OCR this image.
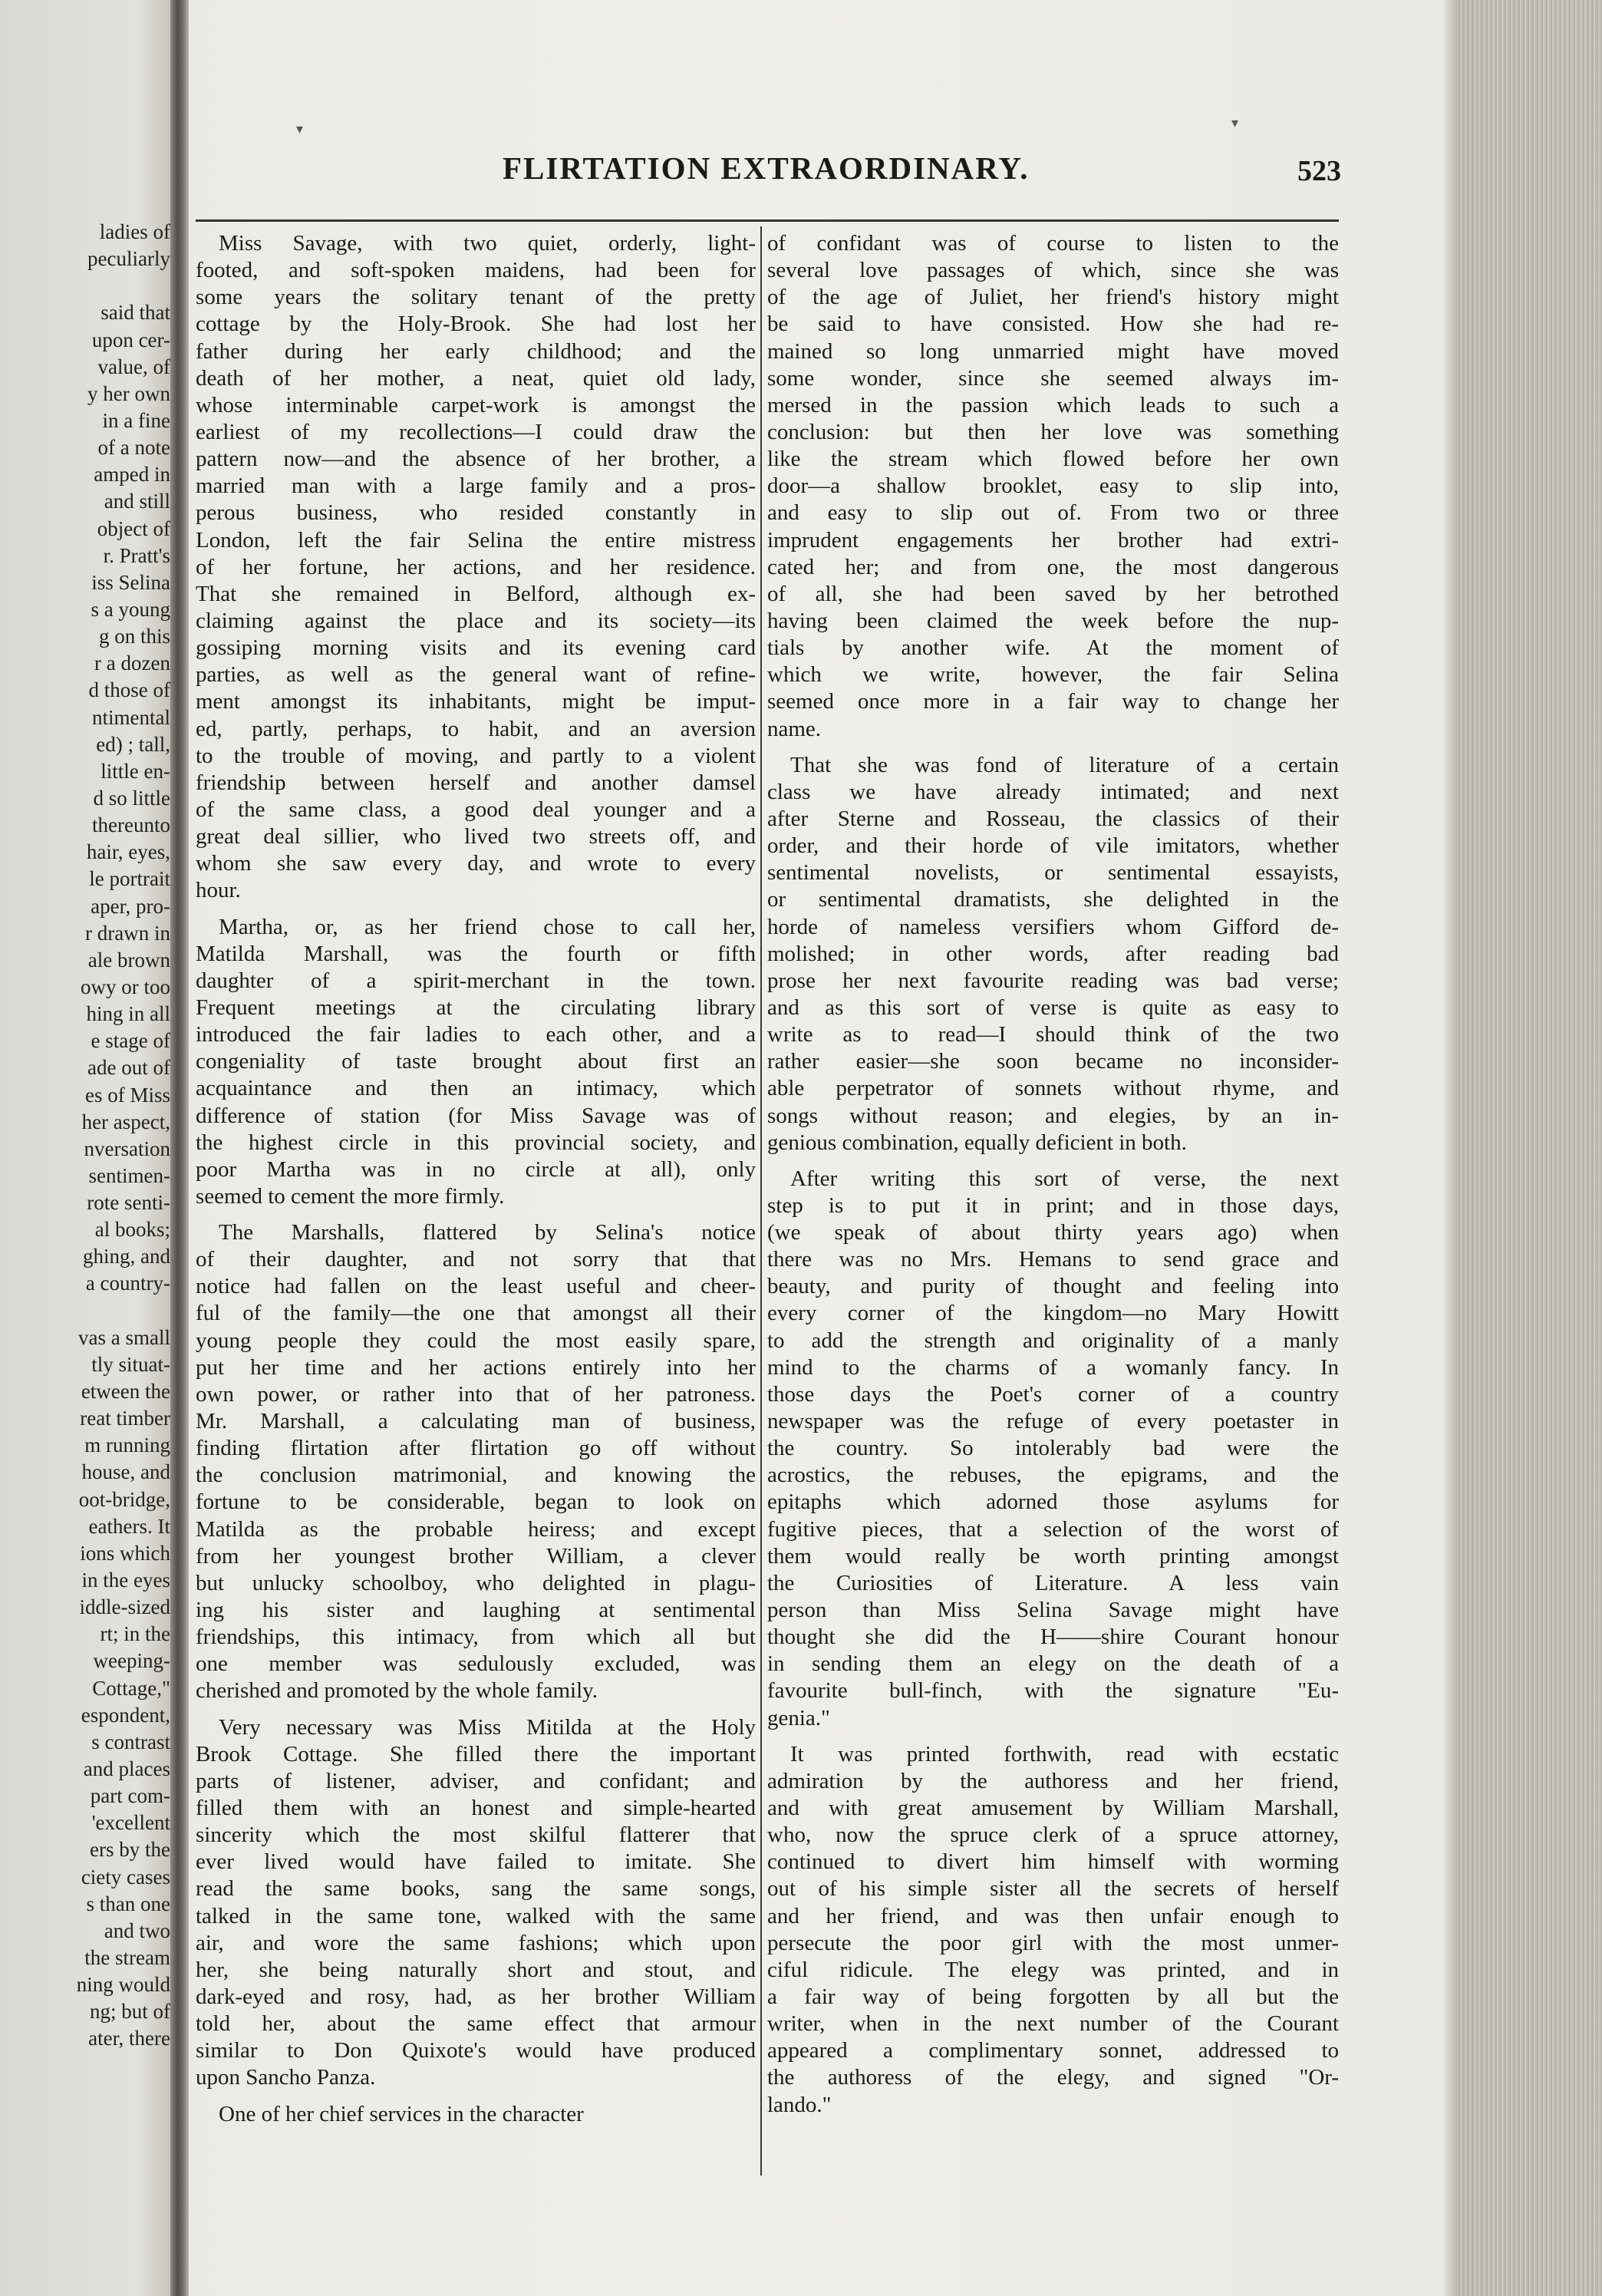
ladies of
peculiarly
said that
upon cer-
value, of
y her own
in a fine
of a note
amped in
and still
object of
r. Pratt's
iss Selina
s a young
g on this
r a dozen
d those of
ntimental
ed) ; tall,
little en-
d so little
thereunto
hair, eyes,
le portrait
aper, pro-
r drawn in
ale brown
owy or too
hing in all
e stage of
ade out of
es of Miss
her aspect,
nversation
sentimen-
rote senti-
al books;
ghing, and
a country-
vas a small
tly situat-
etween the
reat timber
m running
house, and
oot-bridge,
eathers. It
ions which
in the eyes
iddle-sized
rt; in the
weeping-
Cottage,"
espondent,
s contrast
and places
part com-
'excellent
ers by the
ciety cases
s than one
and two
the stream
ning would
ng; but of
ater, there
FLIRTATION EXTRAORDINARY.	523

Miss Savage, with two quiet, orderly, light-
footed, and soft-spoken maidens, had been for
some years the solitary tenant of the pretty
cottage by the Holy-Brook. She had lost her
father during her early childhood; and the
death of her mother, a neat, quiet old lady,
whose interminable carpet-work is amongst the
earliest of my recollections—I could draw the
pattern now—and the absence of her brother, a
married man with a large family and a pros-
perous business, who resided constantly in
London, left the fair Selina the entire mistress
of her fortune, her actions, and her residence.
That she remained in Belford, although ex-
claiming against the place and its society—its
gossiping morning visits and its evening card
parties, as well as the general want of refine-
ment amongst its inhabitants, might be imput-
ed, partly, perhaps, to habit, and an aversion
to the trouble of moving, and partly to a violent
friendship between herself and another damsel
of the same class, a good deal younger and a
great deal sillier, who lived two streets off, and
whom she saw every day, and wrote to every
hour.

Martha, or, as her friend chose to call her,
Matilda Marshall, was the fourth or fifth
daughter of a spirit-merchant in the town.
Frequent meetings at the circulating library
introduced the fair ladies to each other, and a
congeniality of taste brought about first an
acquaintance and then an intimacy, which
difference of station (for Miss Savage was of
the highest circle in this provincial society, and
poor Martha was in no circle at all), only
seemed to cement the more firmly.

The Marshalls, flattered by Selina's notice
of their daughter, and not sorry that that
notice had fallen on the least useful and cheer-
ful of the family—the one that amongst all their
young people they could the most easily spare,
put her time and her actions entirely into her
own power, or rather into that of her patroness.
Mr. Marshall, a calculating man of business,
finding flirtation after flirtation go off without
the conclusion matrimonial, and knowing the
fortune to be considerable, began to look on
Matilda as the probable heiress; and except
from her youngest brother William, a clever
but unlucky schoolboy, who delighted in plagu-
ing his sister and laughing at sentimental
friendships, this intimacy, from which all but
one member was sedulously excluded, was
cherished and promoted by the whole family.

Very necessary was Miss Mitilda at the Holy
Brook Cottage. She filled there the important
parts of listener, adviser, and confidant; and
filled them with an honest and simple-hearted
sincerity which the most skilful flatterer that
ever lived would have failed to imitate. She
read the same books, sang the same songs,
talked in the same tone, walked with the same
air, and wore the same fashions; which upon
her, she being naturally short and stout, and
dark-eyed and rosy, had, as her brother William
told her, about the same effect that armour
similar to Don Quixote's would have produced
upon Sancho Panza.

One of her chief services in the character

of confidant was of course to listen to the
several love passages of which, since she was
of the age of Juliet, her friend's history might
be said to have consisted. How she had re-
mained so long unmarried might have moved
some wonder, since she seemed always im-
mersed in the passion which leads to such a
conclusion: but then her love was something
like the stream which flowed before her own
door—a shallow brooklet, easy to slip into,
and easy to slip out of. From two or three
imprudent engagements her brother had extri-
cated her; and from one, the most dangerous
of all, she had been saved by her betrothed
having been claimed the week before the nup-
tials by another wife. At the moment of
which we write, however, the fair Selina
seemed once more in a fair way to change her
name.

That she was fond of literature of a certain
class we have already intimated; and next
after Sterne and Rosseau, the classics of their
order, and their horde of vile imitators, whether
sentimental novelists, or sentimental essayists,
or sentimental dramatists, she delighted in the
horde of nameless versifiers whom Gifford de-
molished; in other words, after reading bad
prose her next favourite reading was bad verse;
and as this sort of verse is quite as easy to
write as to read—I should think of the two
rather easier—she soon became no inconsider-
able perpetrator of sonnets without rhyme, and
songs without reason; and elegies, by an in-
genious combination, equally deficient in both.

After writing this sort of verse, the next
step is to put it in print; and in those days,
(we speak of about thirty years ago) when
there was no Mrs. Hemans to send grace and
beauty, and purity of thought and feeling into
every corner of the kingdom—no Mary Howitt
to add the strength and originality of a manly
mind to the charms of a womanly fancy. In
those days the Poet's corner of a country
newspaper was the refuge of every poetaster in
the country. So intolerably bad were the
acrostics, the rebuses, the epigrams, and the
epitaphs which adorned those asylums for
fugitive pieces, that a selection of the worst of
them would really be worth printing amongst
the Curiosities of Literature. A less vain
person than Miss Selina Savage might have
thought she did the H——shire Courant honour
in sending them an elegy on the death of a
favourite bull-finch, with the signature "Eu-
genia."

It was printed forthwith, read with ecstatic
admiration by the authoress and her friend,
and with great amusement by William Marshall,
who, now the spruce clerk of a spruce attorney,
continued to divert him himself with worming
out of his simple sister all the secrets of herself
and her friend, and was then unfair enough to
persecute the poor girl with the most unmer-
ciful ridicule. The elegy was printed, and in
a fair way of being forgotten by all but the
writer, when in the next number of the Courant
appeared a complimentary sonnet, addressed to
the authoress of the elegy, and signed "Or-
lando."

▾	▾
